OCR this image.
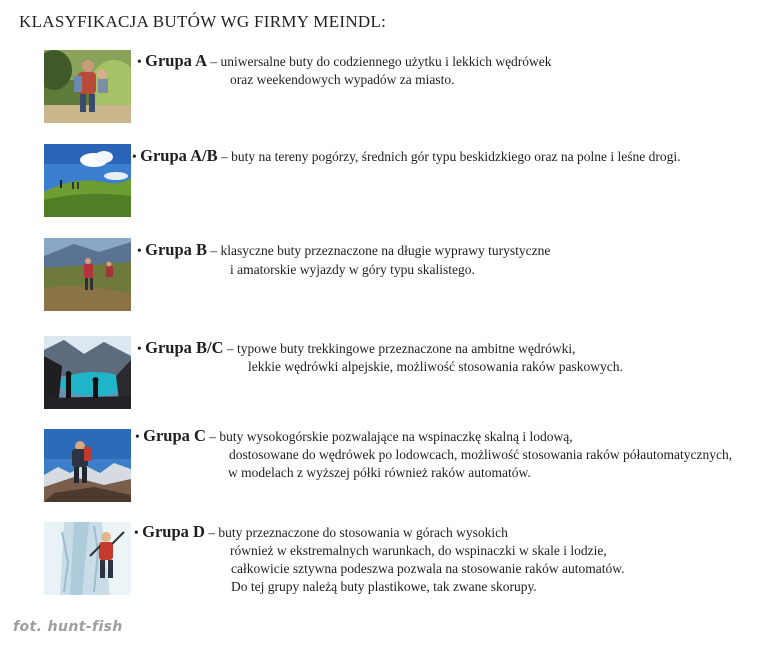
KLASYFIKACJA BUTÓW WG FIRMY MEINDL:
• Grupa A – uniwersalne buty do codziennego użytku i lekkich wędrówek
oraz weekendowych wypadów za miasto.
• Grupa A/B – buty na tereny pogórzy, średnich gór typu beskidzkiego oraz na polne i leśne drogi.
• Grupa B – klasyczne buty przeznaczone na długie wyprawy turystyczne
i amatorskie wyjazdy w góry typu skalistego.
• Grupa B/C – typowe buty trekkingowe przeznaczone na ambitne wędrówki,
lekkie wędrówki alpejskie, możliwość stosowania raków paskowych.
• Grupa C – buty wysokogórskie pozwalające na wspinaczkę skalną i lodową,
dostosowane do wędrówek po lodowcach, możliwość stosowania raków półautomatycznych,
w modelach z wyższej półki również raków automatów.
• Grupa D – buty przeznaczone do stosowania w górach wysokich
również w ekstremalnych warunkach, do wspinaczki w skale i lodzie,
całkowicie sztywna podeszwa pozwala na stosowanie raków automatów.
Do tej grupy należą buty plastikowe, tak zwane skorupy.
fot. hunt-fish
